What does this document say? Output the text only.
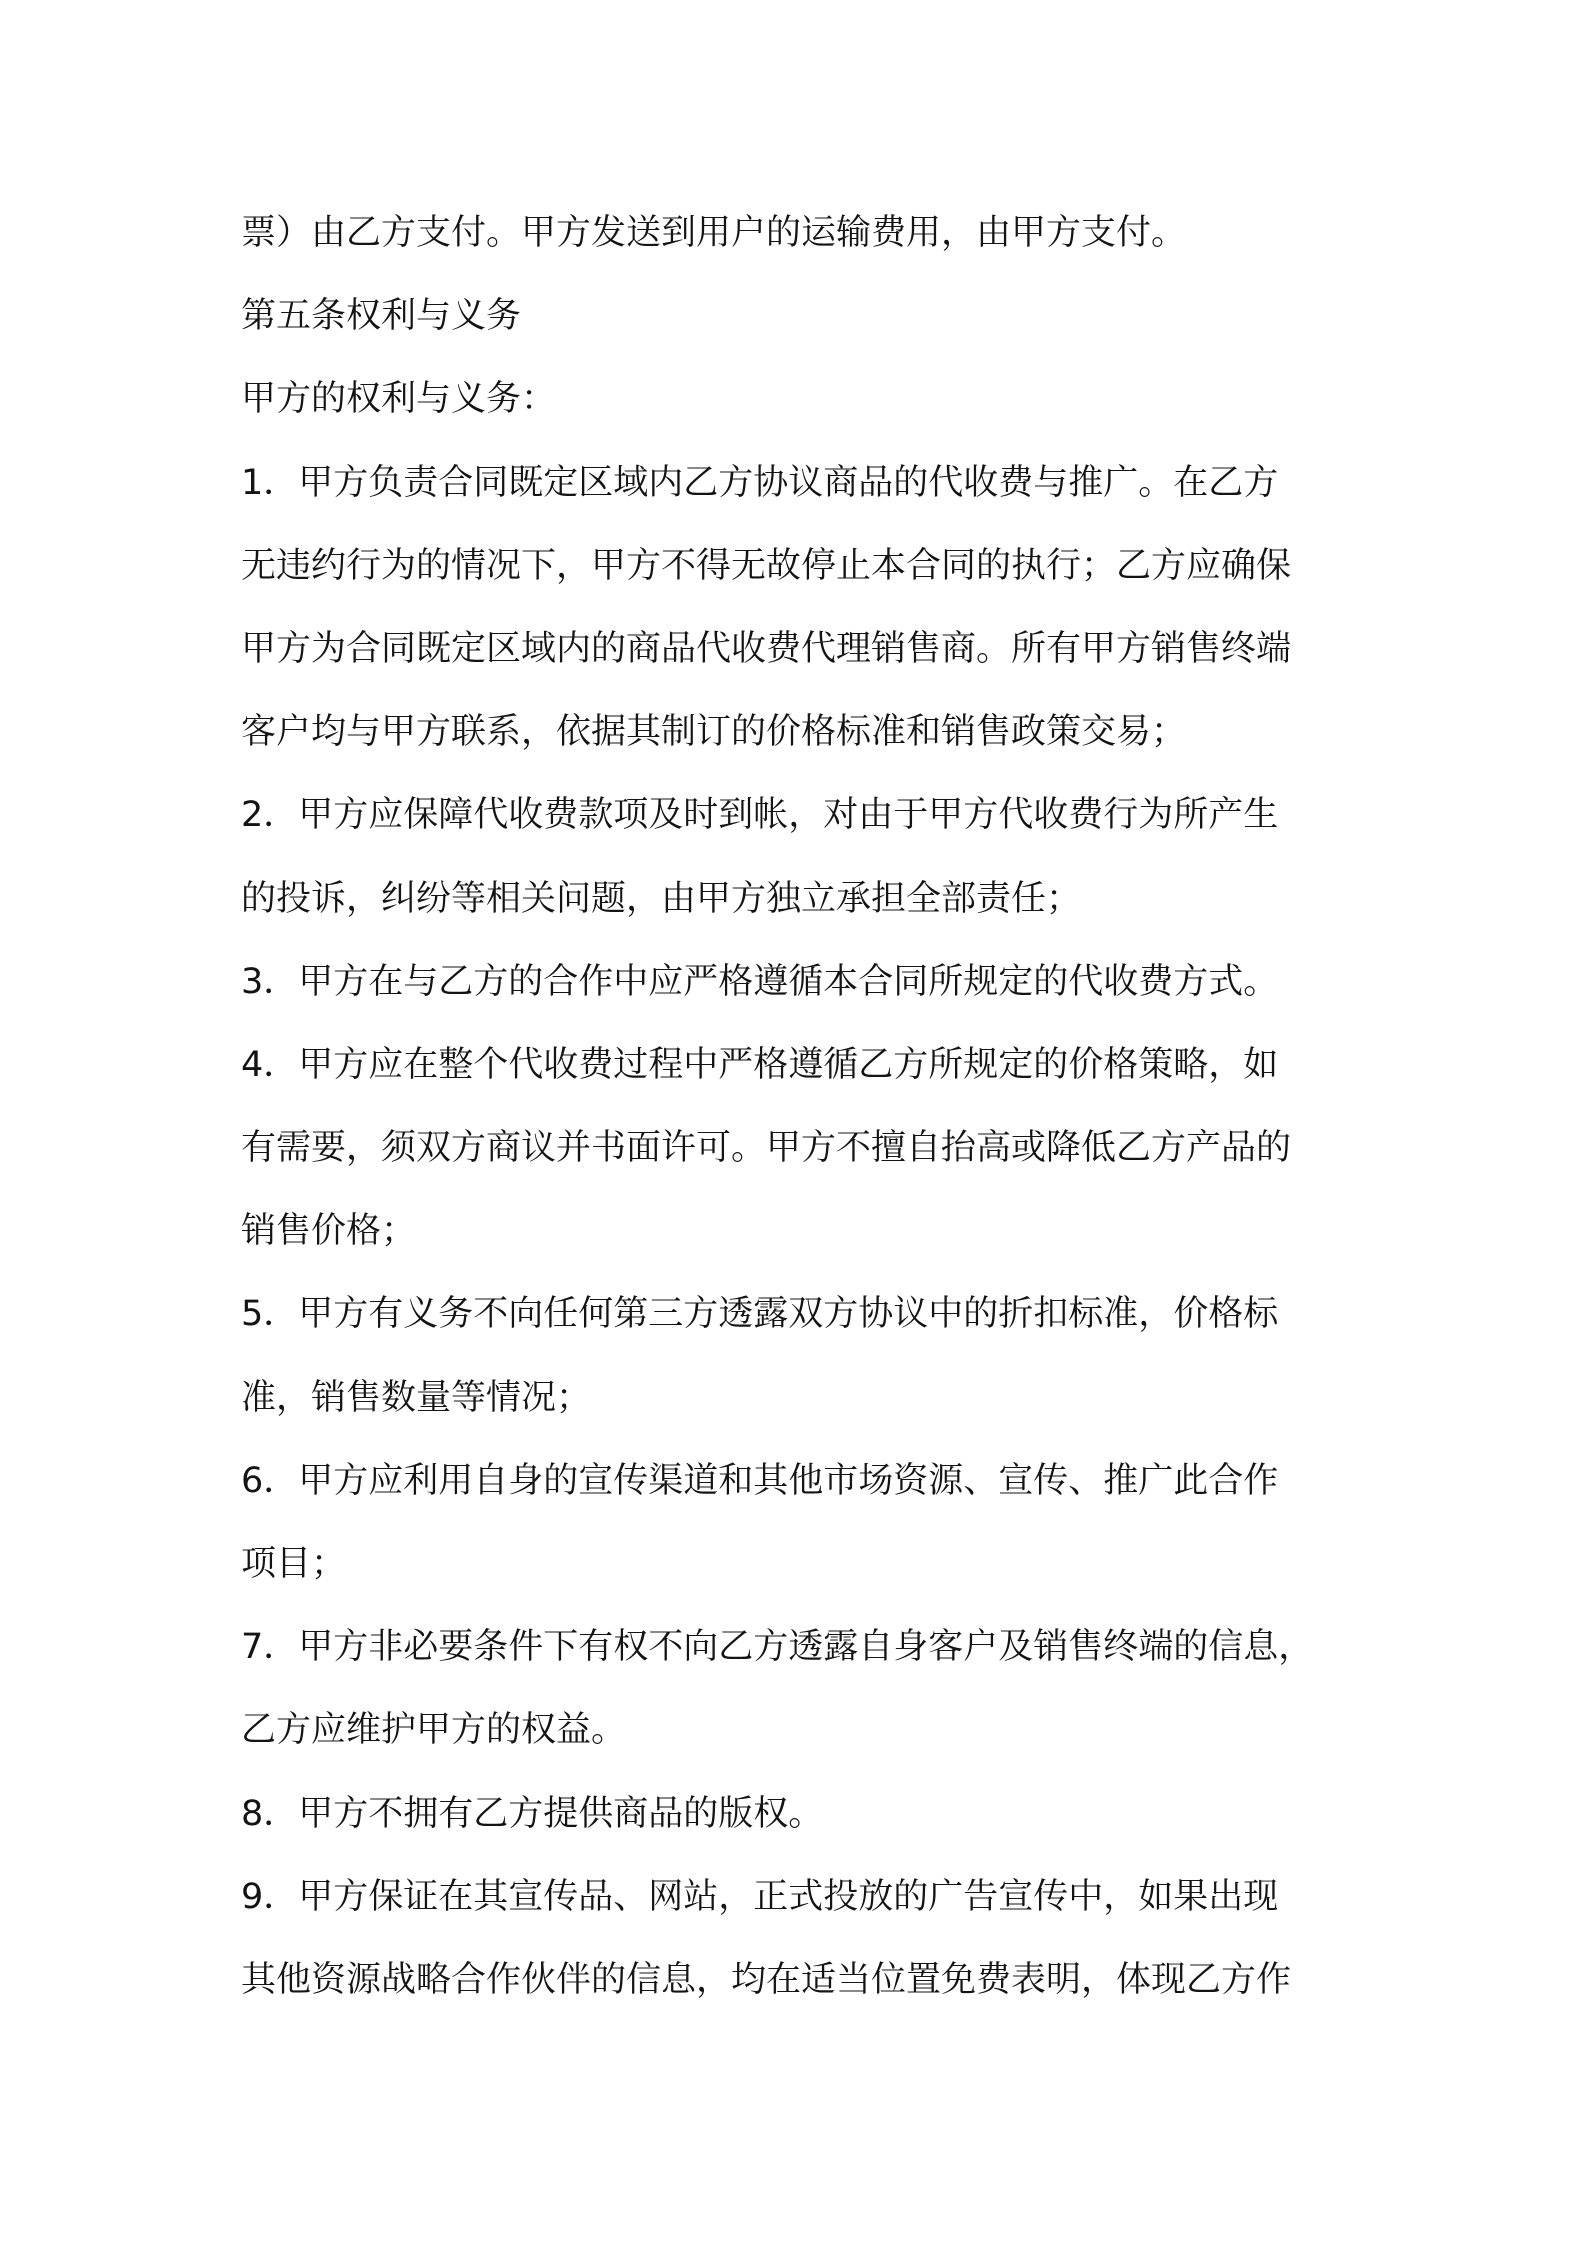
票）由乙方支付。甲方发送到用户的运输费用，由甲方支付。
第五条权利与义务
甲方的权利与义务：
1．甲方负责合同既定区域内乙方协议商品的代收费与推广。在乙方
无违约行为的情况下，甲方不得无故停止本合同的执行；乙方应确保
甲方为合同既定区域内的商品代收费代理销售商。所有甲方销售终端
客户均与甲方联系，依据其制订的价格标准和销售政策交易；
2．甲方应保障代收费款项及时到帐，对由于甲方代收费行为所产生
的投诉，纠纷等相关问题，由甲方独立承担全部责任；
3．甲方在与乙方的合作中应严格遵循本合同所规定的代收费方式。
4．甲方应在整个代收费过程中严格遵循乙方所规定的价格策略，如
有需要，须双方商议并书面许可。甲方不擅自抬高或降低乙方产品的
销售价格；
5．甲方有义务不向任何第三方透露双方协议中的折扣标准，价格标
准，销售数量等情况；
6．甲方应利用自身的宣传渠道和其他市场资源、宣传、推广此合作
项目；
7．甲方非必要条件下有权不向乙方透露自身客户及销售终端的信息，
乙方应维护甲方的权益。
8．甲方不拥有乙方提供商品的版权。
9．甲方保证在其宣传品、网站，正式投放的广告宣传中，如果出现
其他资源战略合作伙伴的信息，均在适当位置免费表明，体现乙方作
